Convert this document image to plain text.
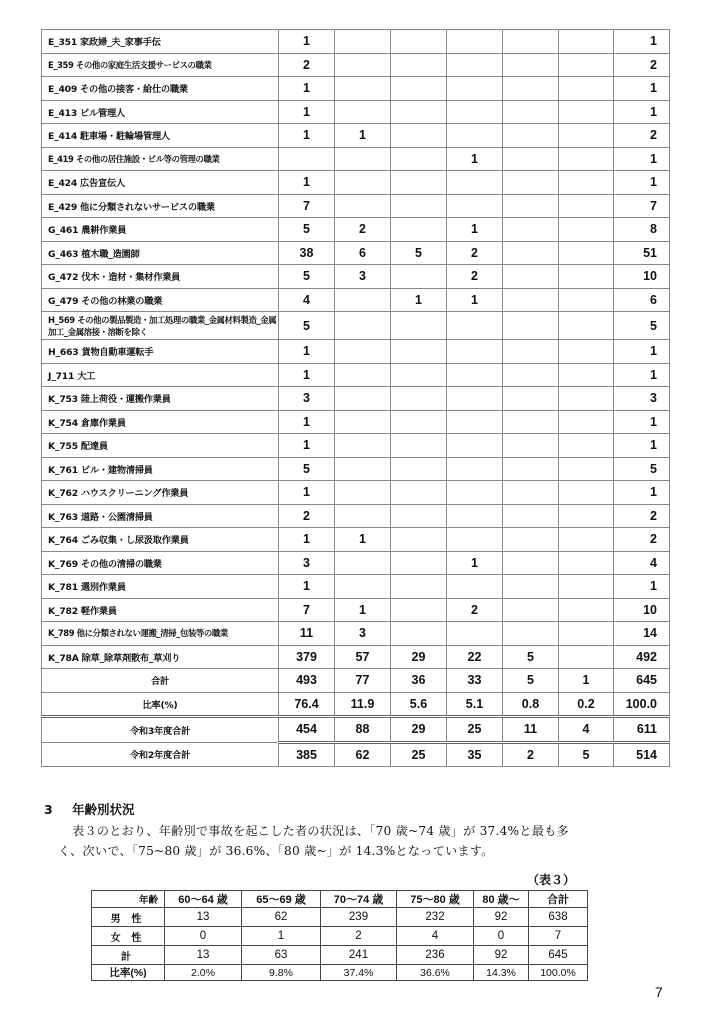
E_351 家政婦_夫_家事手伝	1						1
E_359 その他の家庭生活支援サービスの職業	2						2
E_409 その他の接客・給仕の職業	1						1
E_413 ビル管理人	1						1
E_414 駐車場・駐輪場管理人	1	1					2
E_419 その他の居住施設・ビル等の管理の職業				1			1
E_424 広告宣伝人	1						1
E_429 他に分類されないサービスの職業	7						7
G_461 農耕作業員	5	2		1			8
G_463 植木職_造園師	38	6	5	2			51
G_472 伐木・造材・集材作業員	5	3		2			10
G_479 その他の林業の職業	4		1	1			6
H_569 その他の製品製造・加工処理の職業_金属材料製造_金属加工_金属溶接・溶断を除く	5						5
H_663 貨物自動車運転手	1						1
J_711 大工	1						1
K_753 陸上荷役・運搬作業員	3						3
K_754 倉庫作業員	1						1
K_755 配達員	1						1
K_761 ビル・建物清掃員	5						5
K_762 ハウスクリーニング作業員	1						1
K_763 道路・公園清掃員	2						2
K_764 ごみ収集・し尿汲取作業員	1	1					2
K_769 その他の清掃の職業	3			1			4
K_781 選別作業員	1						1
K_782 軽作業員	7	1		2			10
K_789 他に分類されない運搬_清掃_包装等の職業	11	3					14
K_78A 除草_除草剤散布_草刈り	379	57	29	22	5		492
合計	493	77	36	33	5	1	645
比率(%)	76.4	11.9	5.6	5.1	0.8	0.2	100.0
令和3年度合計	454	88	29	25	11	4	611
令和2年度合計	385	62	25	35	2	5	514
3 年齢別状況
表３のとおり、年齢別で事故を起こした者の状況は、「70 歳~74 歳」が 37.4%と最も多
く、次いで、「75~80 歳」が 36.6%、「80 歳~」が 14.3%となっています。
（表３）
年齢	60～64 歳	65～69 歳	70～74 歳	75～80 歳	80 歳～	合計
男 性	13	62	239	232	92	638
女 性	0	1	2	4	0	7
計	13	63	241	236	92	645
比率(%)	2.0%	9.8%	37.4%	36.6%	14.3%	100.0%
7
